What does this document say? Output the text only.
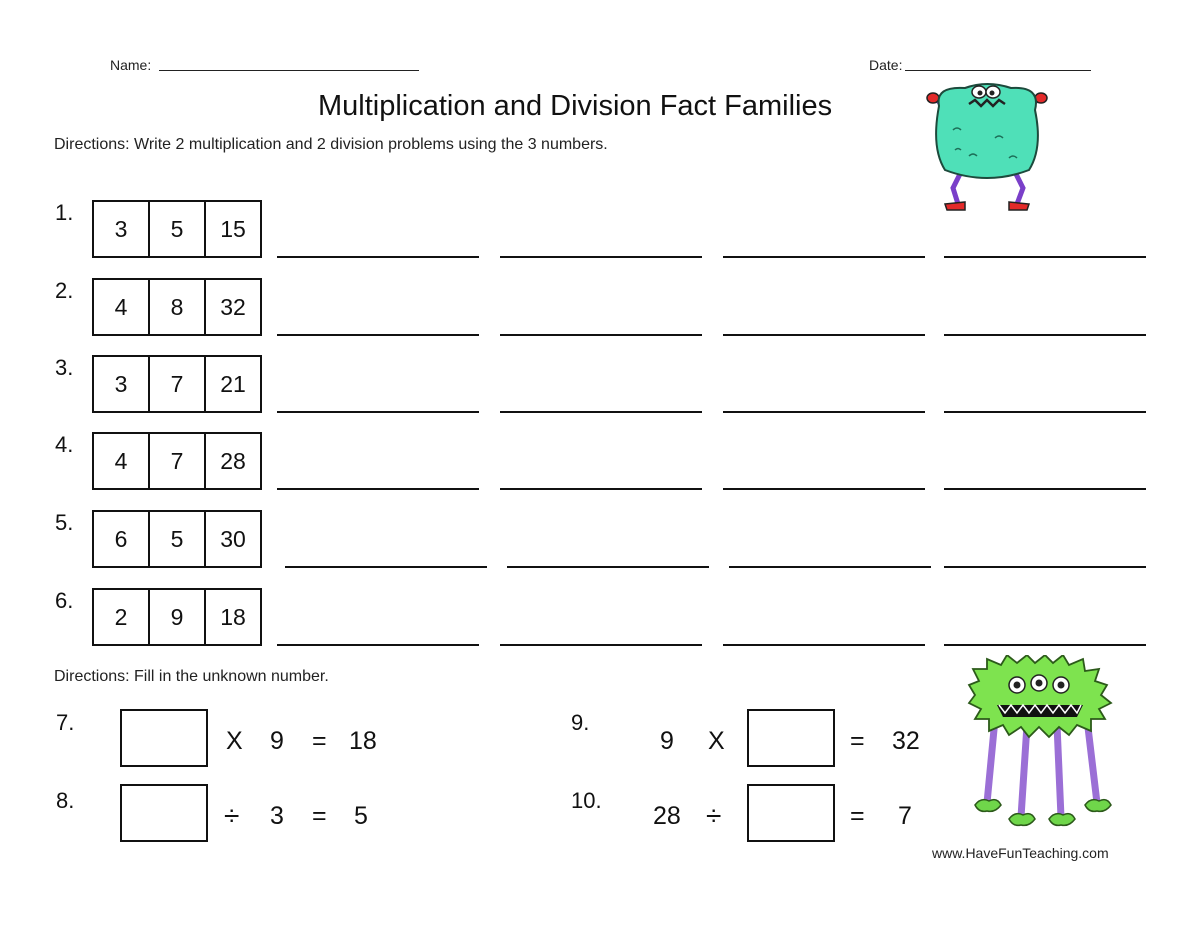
Name:	Date:
Multiplication and Division Fact Families
Directions: Write 2 multiplication and 2 division problems using the 3 numbers.
1.
3	5	15
2.
4	8	32
3.
3	7	21
4.
4	7	28
5.
6	5	30
6.
2	9	18
Directions: Fill in the unknown number.
7.
X 9 = 18
8.	÷ 3 = 5
9.
9 X	= 32
10.
28 ÷	= 7
www.HaveFunTeaching.com
